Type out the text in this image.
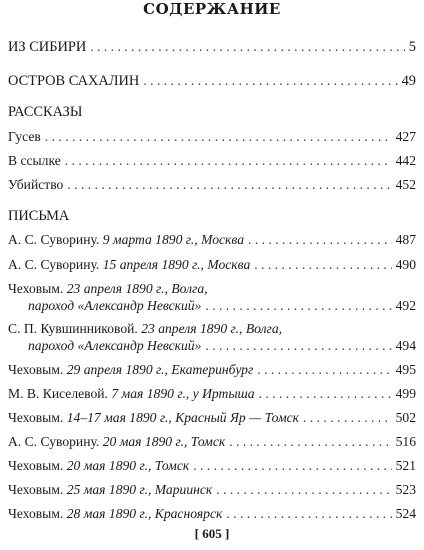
СОДЕРЖАНИЕ
ИЗ СИБИРИ . . .	5
ОСТРОВ САХАЛИН . . .	49
РАССКАЗЫ
Гусев . . .	427
В ссылке . . .	442
Убийство . . .	452
ПИСЬМА
А. С. Суворину. 9 марта 1890 г., Москва . . .	487
А. С. Суворину. 15 апреля 1890 г., Москва . . .	490
Чеховым. 23 апреля 1890 г., Волга,
пароход «Александр Невский» . . .	492
С. П. Кувшинниковой. 23 апреля 1890 г., Волга,
пароход «Александр Невский» . . .	494
Чеховым. 29 апреля 1890 г., Екатеринбург . . .	495
М. В. Киселевой. 7 мая 1890 г., у Иртыша . . .	499
Чеховым. 14–17 мая 1890 г., Красный Яр — Томск . . .	502
А. С. Суворину. 20 мая 1890 г., Томск . . .	516
Чеховым. 20 мая 1890 г., Томск . . .	521
Чеховым. 25 мая 1890 г., Мариинск . . .	523
Чеховым. 28 мая 1890 г., Красноярск . . .	524
[ 605 ]
